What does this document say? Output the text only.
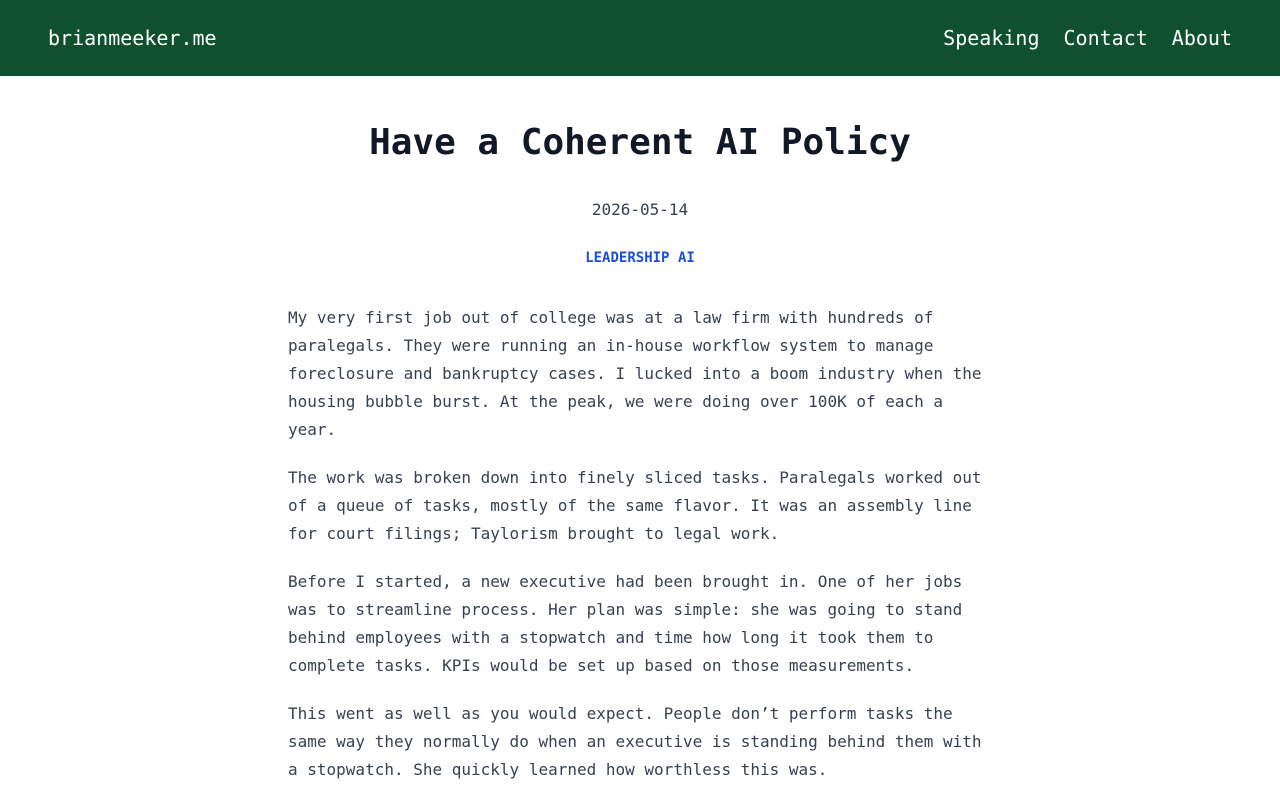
brianmeeker.me	Speaking Contact About
Have a Coherent AI Policy
2026-05-14
LEADERSHIP AI

My very first job out of college was at a law firm with hundreds of paralegals. They were running an in-house workflow system to manage foreclosure and bankruptcy cases. I lucked into a boom industry when the housing bubble burst. At the peak, we were doing over 100K of each a year.

The work was broken down into finely sliced tasks. Paralegals worked out of a queue of tasks, mostly of the same flavor. It was an assembly line for court filings; Taylorism brought to legal work.

Before I started, a new executive had been brought in. One of her jobs was to streamline process. Her plan was simple: she was going to stand behind employees with a stopwatch and time how long it took them to complete tasks. KPIs would be set up based on those measurements.

This went as well as you would expect. People don’t perform tasks the same way they normally do when an executive is standing behind them with a stopwatch. She quickly learned how worthless this was.
